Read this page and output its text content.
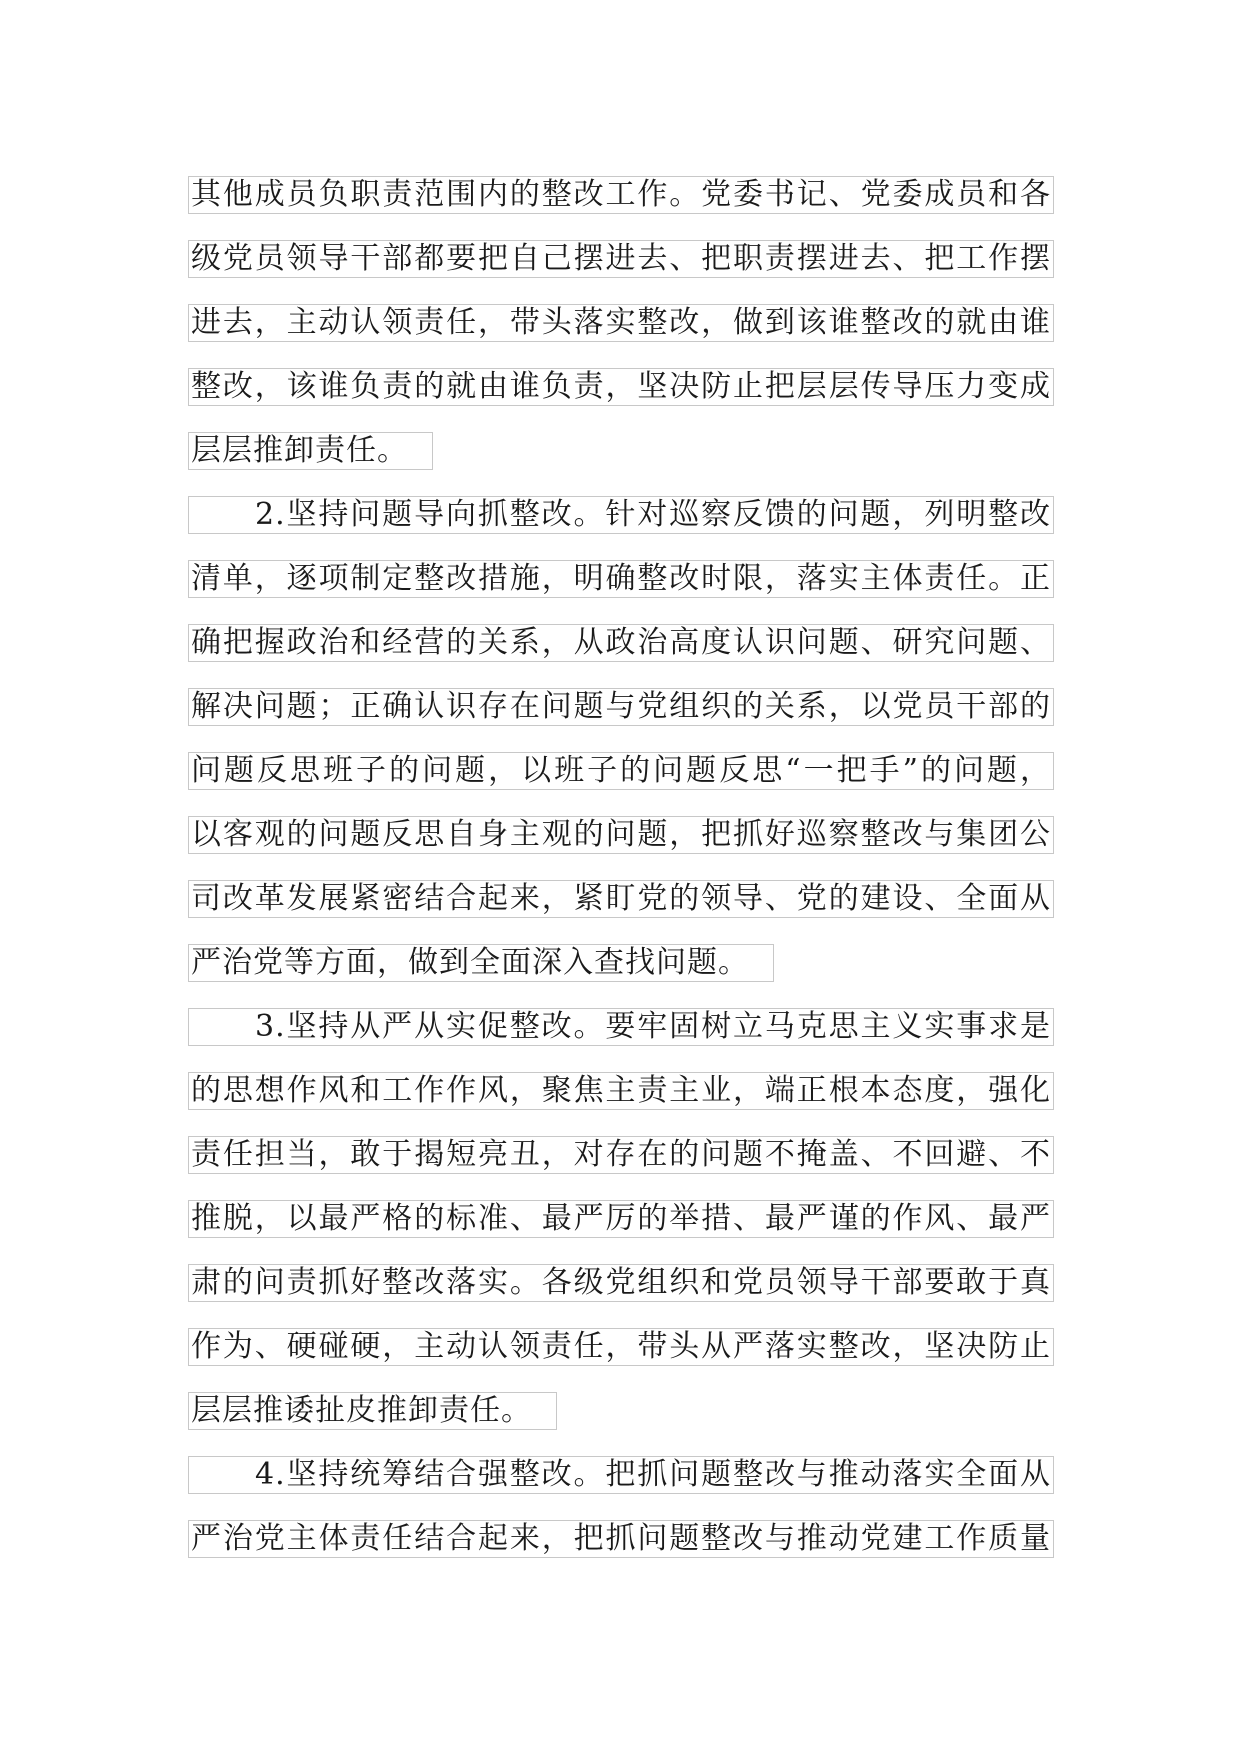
其他成员负职责范围内的整改工作。党委书记、党委成员和各
级党员领导干部都要把自己摆进去、把职责摆进去、把工作摆
进去，主动认领责任，带头落实整改，做到该谁整改的就由谁
整改，该谁负责的就由谁负责，坚决防止把层层传导压力变成
层层推卸责任。
2.坚持问题导向抓整改。针对巡察反馈的问题，列明整改
清单，逐项制定整改措施，明确整改时限，落实主体责任。正
确把握政治和经营的关系，从政治高度认识问题、研究问题、
解决问题；正确认识存在问题与党组织的关系，以党员干部的
问题反思班子的问题，以班子的问题反思“一把手”的问题，
以客观的问题反思自身主观的问题，把抓好巡察整改与集团公
司改革发展紧密结合起来，紧盯党的领导、党的建设、全面从
严治党等方面，做到全面深入查找问题。
3.坚持从严从实促整改。要牢固树立马克思主义实事求是
的思想作风和工作作风，聚焦主责主业，端正根本态度，强化
责任担当，敢于揭短亮丑，对存在的问题不掩盖、不回避、不
推脱，以最严格的标准、最严厉的举措、最严谨的作风、最严
肃的问责抓好整改落实。各级党组织和党员领导干部要敢于真
作为、硬碰硬，主动认领责任，带头从严落实整改，坚决防止
层层推诿扯皮推卸责任。
4.坚持统筹结合强整改。把抓问题整改与推动落实全面从
严治党主体责任结合起来，把抓问题整改与推动党建工作质量
